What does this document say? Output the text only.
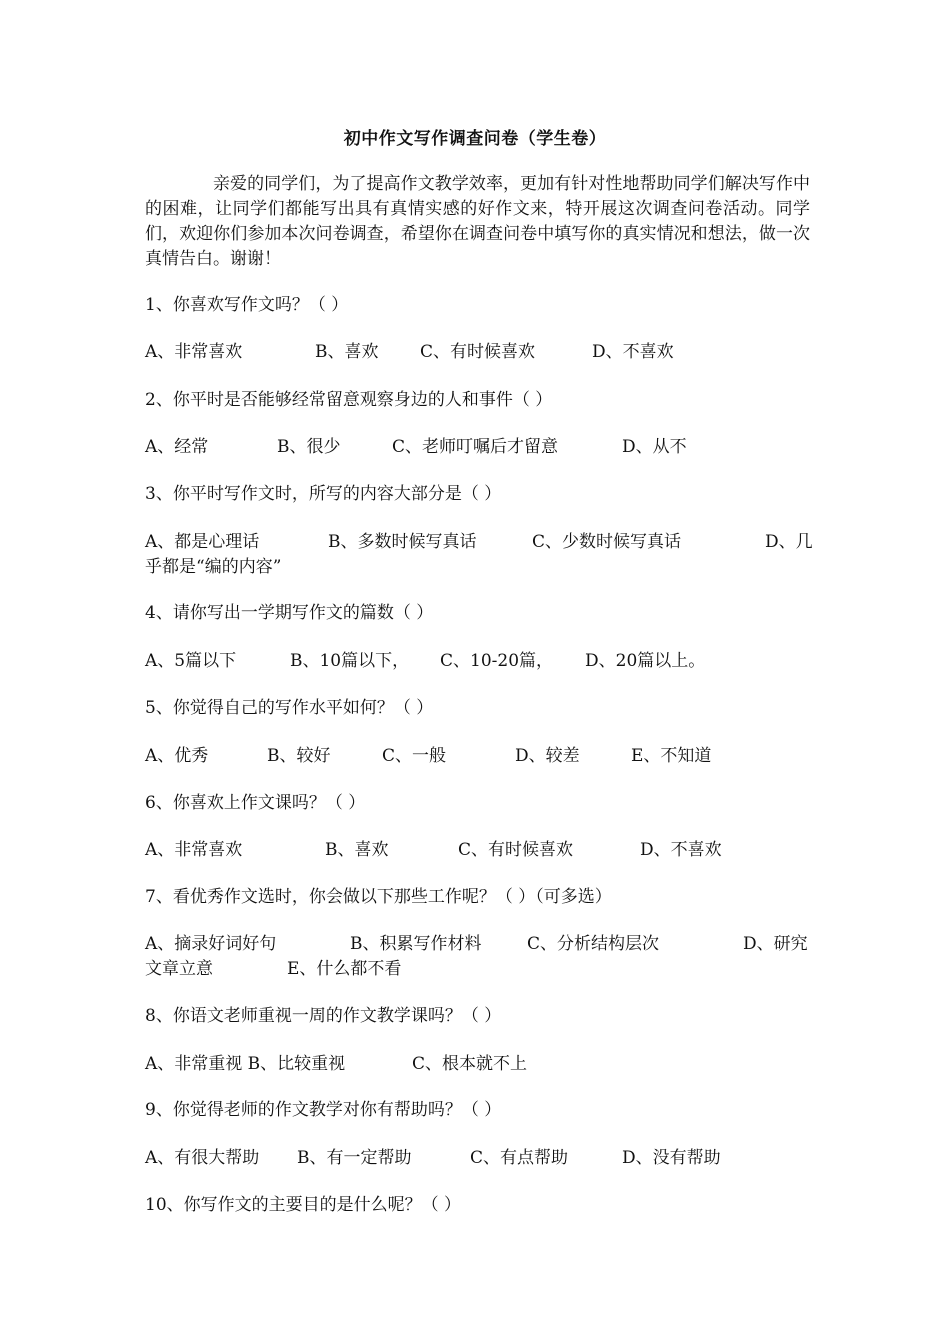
初中作文写作调查问卷（学生卷）
亲爱的同学们，为了提高作文教学效率，更加有针对性地帮助同学们解决写作中的困难，让同学们都能写出具有真情实感的好作文来，特开展这次调查问卷活动。同学们，欢迎你们参加本次问卷调查，希望你在调查问卷中填写你的真实情况和想法，做一次真情告白。谢谢！
1、你喜欢写作文吗？（ ）
A、非常喜欢	B、喜欢 C、有时候喜欢	D、不喜欢
2、你平时是否能够经常留意观察身边的人和事件（ ）
A、经常	B、很少	C、老师叮嘱后才留意	D、从不
3、你平时写作文时，所写的内容大部分是（ ）
A、都是心理话	B、多数时候写真话	C、少数时候写真话	D、几
乎都是“编的内容”
4、请你写出一学期写作文的篇数（ ）
A、5篇以下	B、10篇以下， C、10-20篇， D、20篇以上。
5、你觉得自己的写作水平如何？（ ）
A、优秀	B、较好	C、一般	D、较差	E、不知道
6、你喜欢上作文课吗？（ ）
A、非常喜欢	B、喜欢	C、有时候喜欢	D、不喜欢
7、看优秀作文选时，你会做以下那些工作呢？（ ）（可多选）
A、摘录好词好句	B、积累写作材料	C、分析结构层次	D、研究
文章立意	E、什么都不看
8、你语文老师重视一周的作文教学课吗？（ ）
A、非常重视 B、比较重视	C、根本就不上
9、你觉得老师的作文教学对你有帮助吗？（ ）
A、有很大帮助 B、有一定帮助	C、有点帮助	D、没有帮助
10、你写作文的主要目的是什么呢？（ ）
